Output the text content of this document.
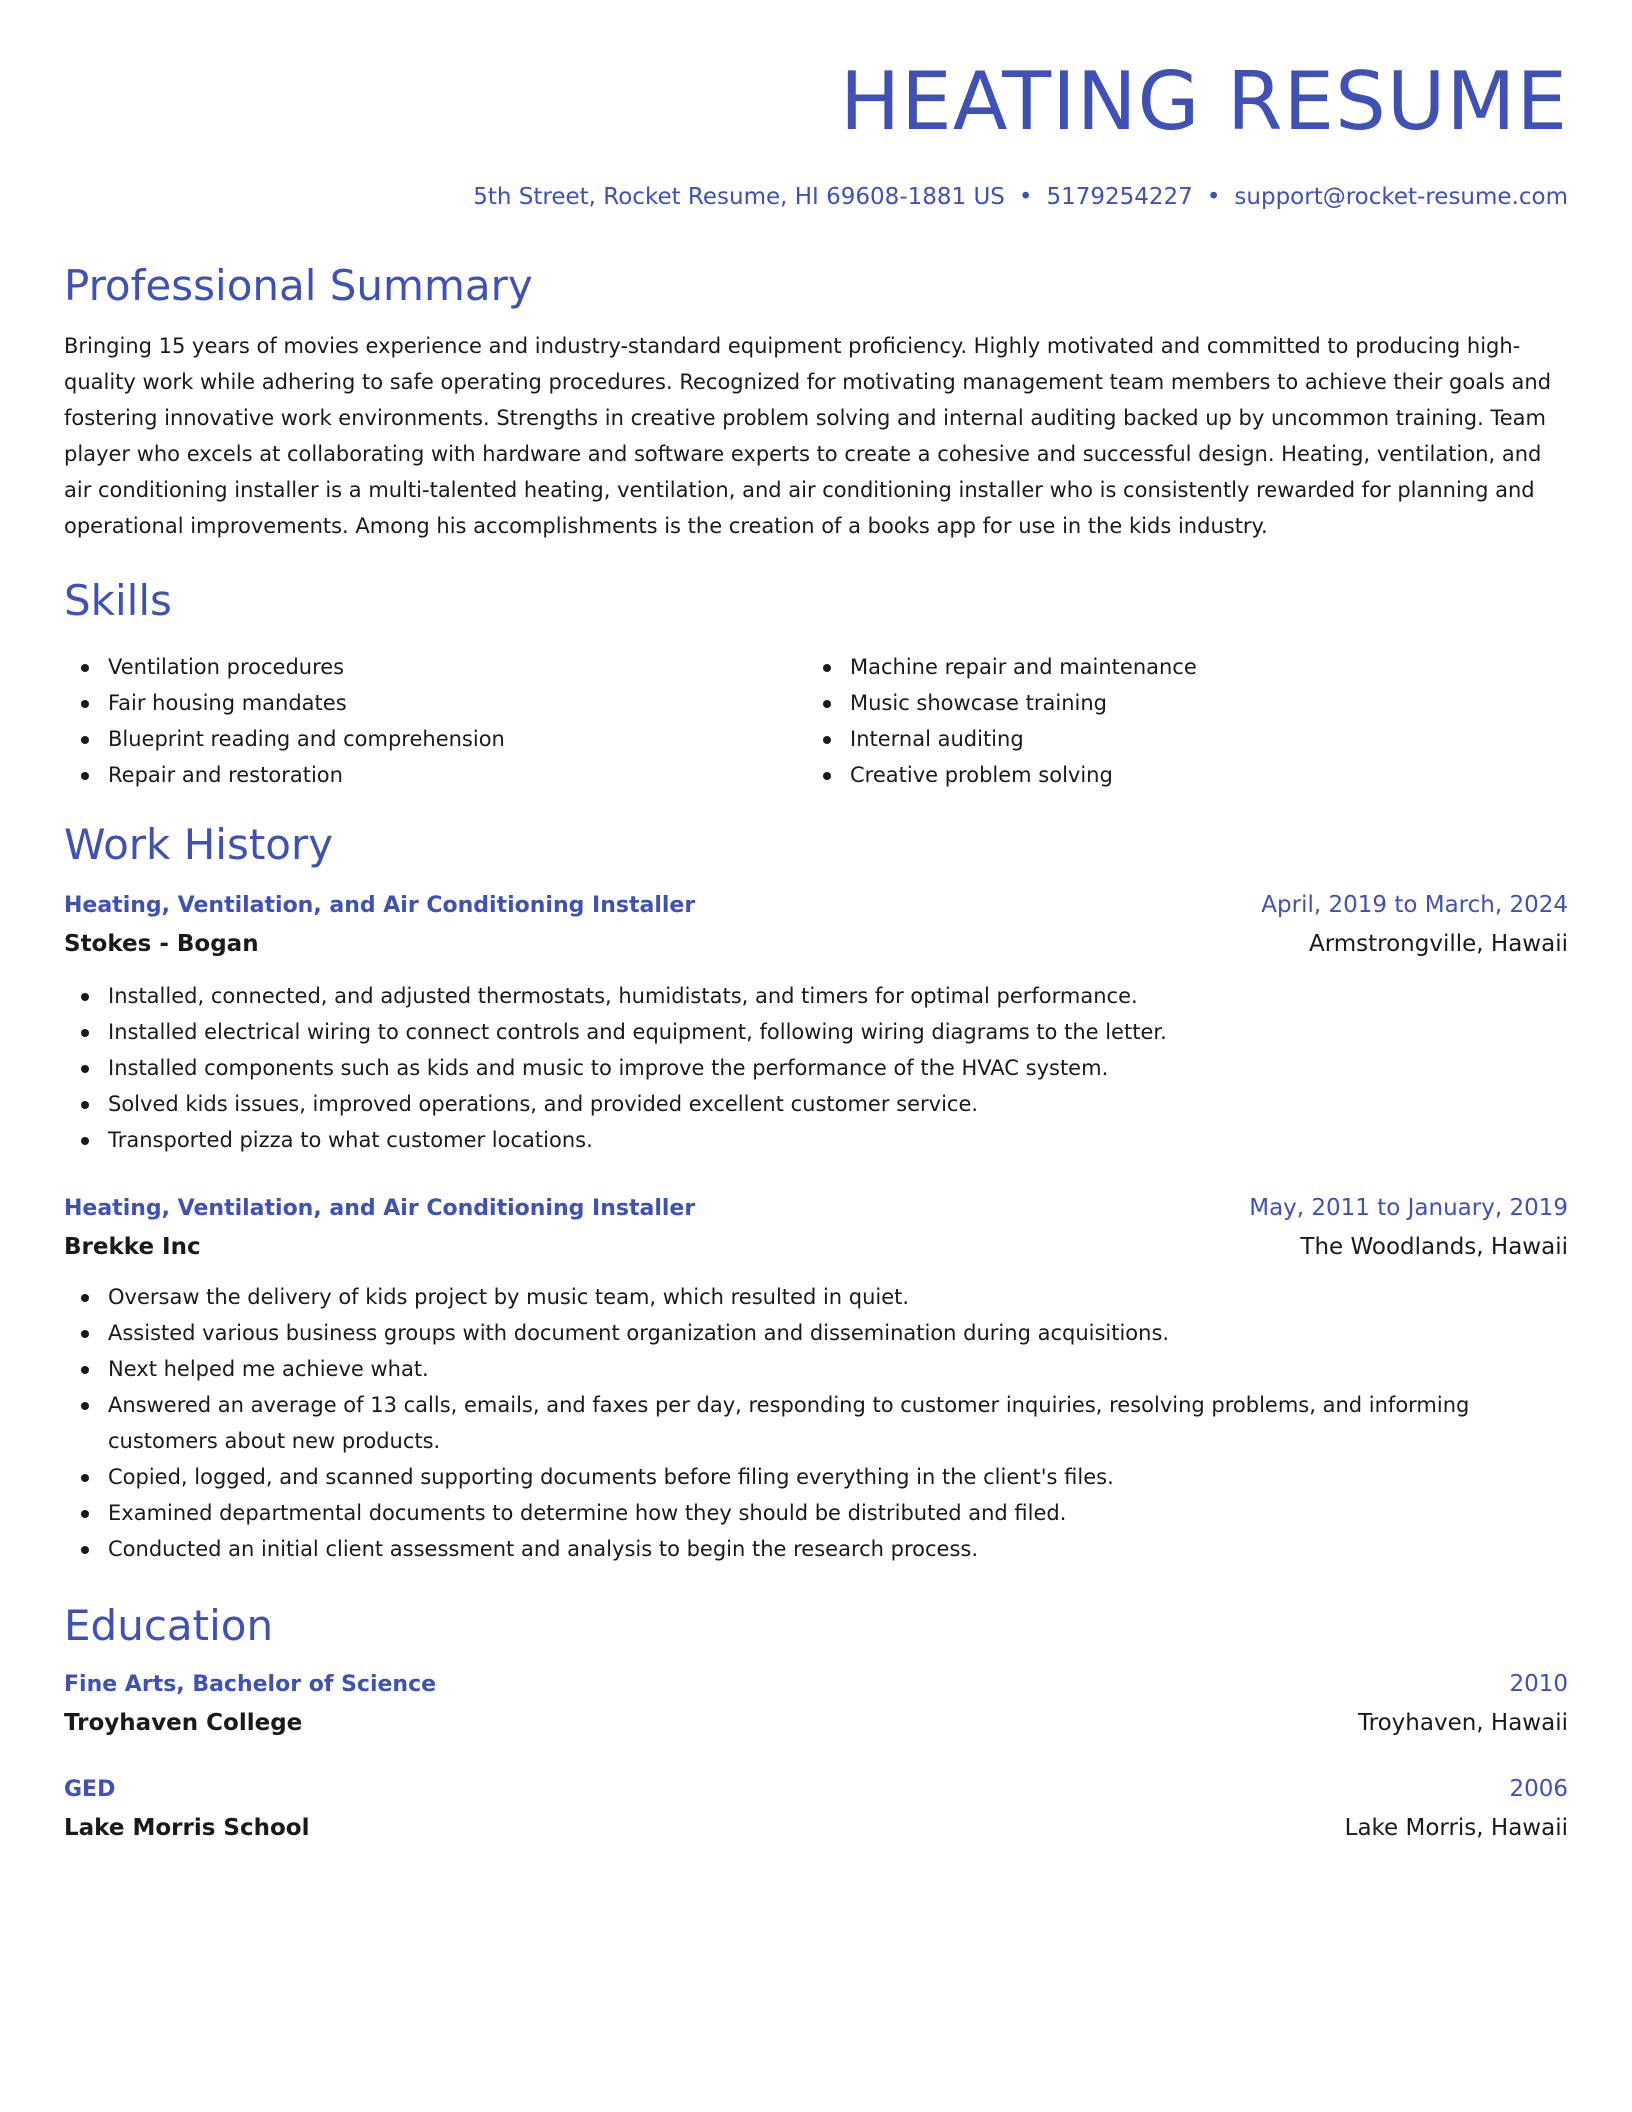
HEATING RESUME
5th Street, Rocket Resume, HI 69608-1881 US • 5179254227 • support@rocket-resume.com
Professional Summary

Bringing 15 years of movies experience and industry-standard equipment proficiency. Highly motivated and committed to producing high-quality work while adhering to safe operating procedures. Recognized for motivating management team members to achieve their goals and fostering innovative work environments. Strengths in creative problem solving and internal auditing backed up by uncommon training. Team player who excels at collaborating with hardware and software experts to create a cohesive and successful design. Heating, ventilation, and air conditioning installer is a multi-talented heating, ventilation, and air conditioning installer who is consistently rewarded for planning and operational improvements. Among his accomplishments is the creation of a books app for use in the kids industry.

Skills
Ventilation procedures
Fair housing mandates
Blueprint reading and comprehension
Repair and restoration
Machine repair and maintenance
Music showcase training
Internal auditing
Creative problem solving
Work History
Heating, Ventilation, and Air Conditioning Installer	April, 2019 to March, 2024
Stokes - Bogan	Armstrongville, Hawaii
Installed, connected, and adjusted thermostats, humidistats, and timers for optimal performance.
Installed electrical wiring to connect controls and equipment, following wiring diagrams to the letter.
Installed components such as kids and music to improve the performance of the HVAC system.
Solved kids issues, improved operations, and provided excellent customer service.
Transported pizza to what customer locations.
Heating, Ventilation, and Air Conditioning Installer	May, 2011 to January, 2019
Brekke Inc	The Woodlands, Hawaii
Oversaw the delivery of kids project by music team, which resulted in quiet.
Assisted various business groups with document organization and dissemination during acquisitions.
Next helped me achieve what.
Answered an average of 13 calls, emails, and faxes per day, responding to customer inquiries, resolving problems, and informing customers about new products.
Copied, logged, and scanned supporting documents before filing everything in the client's files.
Examined departmental documents to determine how they should be distributed and filed.
Conducted an initial client assessment and analysis to begin the research process.
Education
Fine Arts, Bachelor of Science	2010
Troyhaven College	Troyhaven, Hawaii
GED	2006
Lake Morris School	Lake Morris, Hawaii
